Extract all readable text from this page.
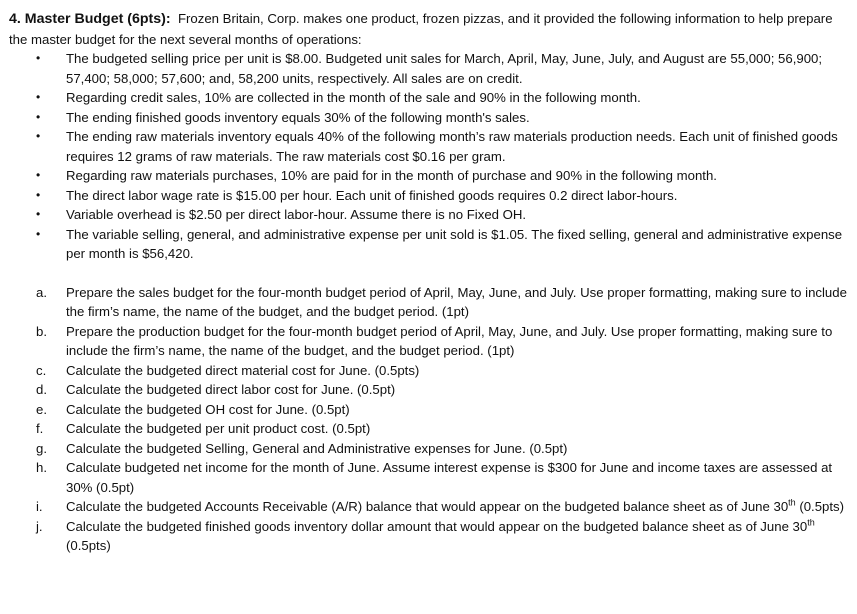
4. Master Budget (6pts): Frozen Britain, Corp. makes one product, frozen pizzas, and it provided the following information to help prepare the master budget for the next several months of operations:

• The budgeted selling price per unit is $8.00. Budgeted unit sales for March, April, May, June, July, and August are 55,000; 56,900; 57,400; 58,000; 57,600; and, 58,200 units, respectively. All sales are on credit.
• Regarding credit sales, 10% are collected in the month of the sale and 90% in the following month.
• The ending finished goods inventory equals 30% of the following month's sales.
• The ending raw materials inventory equals 40% of the following month’s raw materials production needs. Each unit of finished goods requires 12 grams of raw materials. The raw materials cost $0.16 per gram.
• Regarding raw materials purchases, 10% are paid for in the month of purchase and 90% in the following month.
• The direct labor wage rate is $15.00 per hour. Each unit of finished goods requires 0.2 direct labor-hours.
• Variable overhead is $2.50 per direct labor-hour. Assume there is no Fixed OH.
• The variable selling, general, and administrative expense per unit sold is $1.05. The fixed selling, general and administrative expense per month is $56,420.
a. Prepare the sales budget for the four-month budget period of April, May, June, and July. Use proper formatting, making sure to include the firm’s name, the name of the budget, and the budget period. (1pt)
b. Prepare the production budget for the four-month budget period of April, May, June, and July. Use proper formatting, making sure to include the firm’s name, the name of the budget, and the budget period. (1pt)
c. Calculate the budgeted direct material cost for June. (0.5pts)
d. Calculate the budgeted direct labor cost for June. (0.5pt)
e. Calculate the budgeted OH cost for June. (0.5pt)
f. Calculate the budgeted per unit product cost. (0.5pt)
g. Calculate the budgeted Selling, General and Administrative expenses for June. (0.5pt)
h. Calculate budgeted net income for the month of June. Assume interest expense is $300 for June and income taxes are assessed at 30% (0.5pt)
i. Calculate the budgeted Accounts Receivable (A/R) balance that would appear on the budgeted balance sheet as of June 30th (0.5pts)
j. Calculate the budgeted finished goods inventory dollar amount that would appear on the budgeted balance sheet as of June 30th (0.5pts)
